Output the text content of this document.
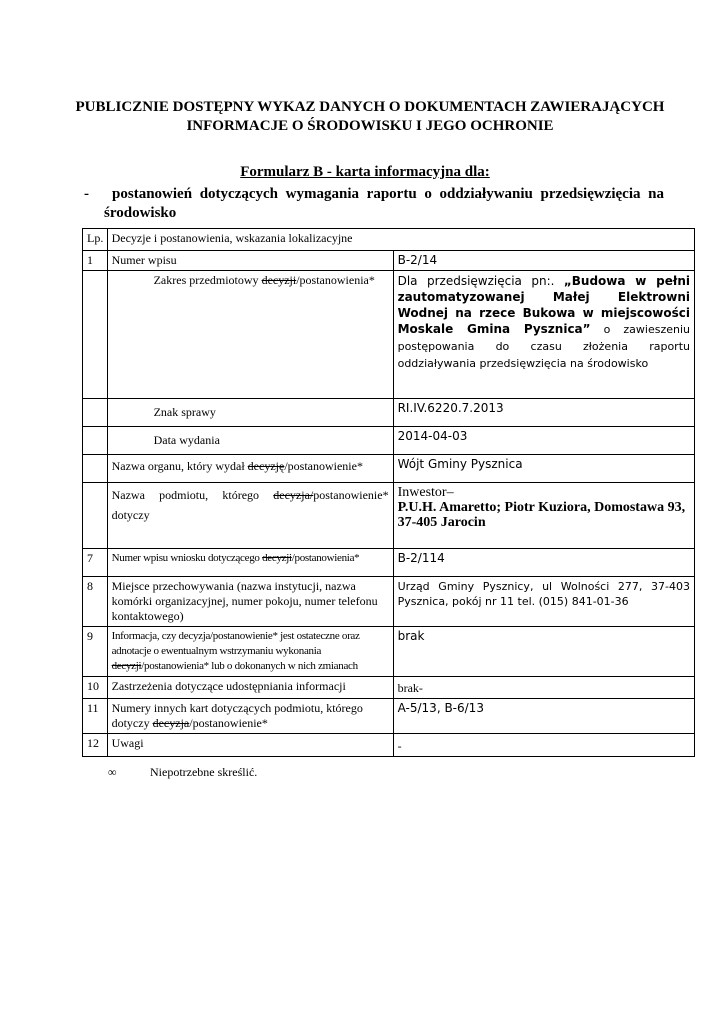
PUBLICZNIE DOSTĘPNY WYKAZ DANYCH O DOKUMENTACH ZAWIERAJĄCYCH
INFORMACJE O ŚRODOWISKU I JEGO OCHRONIE
Formularz B - karta informacyjna dla:
- postanowień dotyczących wymagania raportu o oddziaływaniu przedsięwzięcia na środowisko
Lp.	Decyzje i postanowienia, wskazania lokalizacyjne	
1	Numer wpisu	B-2/14
	Zakres przedmiotowy decyzji/postanowienia*	Dla przedsięwzięcia pn:. „Budowa w pełni zautomatyzowanej Małej Elektrowni Wodnej na rzece Bukowa w miejscowości Moskale Gmina Pysznica” o zawieszeniu postępowania do czasu złożenia raportu oddziaływania przedsięwzięcia na środowisko
	Znak sprawy	RI.IV.6220.7.2013
	Data wydania	2014-04-03
	Nazwa organu, który wydał decyzję/postanowienie*	Wójt Gminy Pysznica
	Nazwa podmiotu, którego decyzja/postanowienie* dotyczy	Inwestor–
P.U.H. Amaretto; Piotr Kuziora, Domostawa 93, 37-405 Jarocin

7	Numer wpisu wniosku dotyczącego decyzji/postanowienia*	B-2/114
8	Miejsce przechowywania (nazwa instytucji, nazwa komórki organizacyjnej, numer pokoju, numer telefonu kontaktowego)	Urząd Gminy Pysznicy, ul Wolności 277, 37-403 Pysznica, pokój nr 11 tel. (015) 841-01-36
9	Informacja, czy decyzja/postanowienie* jest ostateczne oraz adnotacje o ewentualnym wstrzymaniu wykonania decyzji/postanowienia* lub o dokonanych w nich zmianach	brak
10	Zastrzeżenia dotyczące udostępniania informacji	brak-
11	Numery innych kart dotyczących podmiotu, którego dotyczy decyzja/postanowienie*	A-5/13, B-6/13
12	Uwagi	-
∞	Niepotrzebne skreślić.
